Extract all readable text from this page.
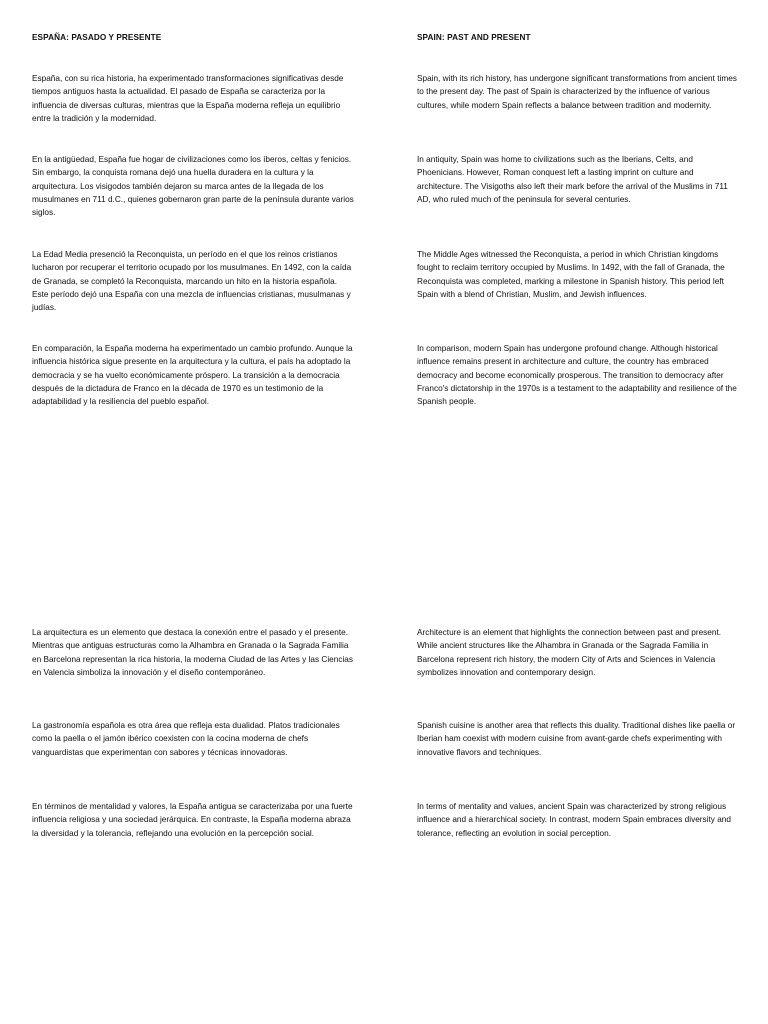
ESPAÑA: PASADO Y PRESENTE

España, con su rica historia, ha experimentado transformaciones significativas desde tiempos antiguos hasta la actualidad. El pasado de España se caracteriza por la influencia de diversas culturas, mientras que la España moderna refleja un equilibrio entre la tradición y la modernidad.

En la antigüedad, España fue hogar de civilizaciones como los íberos, celtas y fenicios. Sin embargo, la conquista romana dejó una huella duradera en la cultura y la arquitectura. Los visigodos también dejaron su marca antes de la llegada de los musulmanes en 711 d.C., quienes gobernaron gran parte de la península durante varios siglos.

La Edad Media presenció la Reconquista, un período en el que los reinos cristianos lucharon por recuperar el territorio ocupado por los musulmanes. En 1492, con la caída de Granada, se completó la Reconquista, marcando un hito en la historia española. Este período dejó una España con una mezcla de influencias cristianas, musulmanas y judías.

En comparación, la España moderna ha experimentado un cambio profundo. Aunque la influencia histórica sigue presente en la arquitectura y la cultura, el país ha adoptado la democracia y se ha vuelto económicamente próspero. La transición a la democracia después de la dictadura de Franco en la década de 1970 es un testimonio de la adaptabilidad y la resiliencia del pueblo español.

La arquitectura es un elemento que destaca la conexión entre el pasado y el presente. Mientras que antiguas estructuras como la Alhambra en Granada o la Sagrada Familia en Barcelona representan la rica historia, la moderna Ciudad de las Artes y las Ciencias en Valencia simboliza la innovación y el diseño contemporáneo.

La gastronomía española es otra área que refleja esta dualidad. Platos tradicionales como la paella o el jamón ibérico coexisten con la cocina moderna de chefs vanguardistas que experimentan con sabores y técnicas innovadoras.

En términos de mentalidad y valores, la España antigua se caracterizaba por una fuerte influencia religiosa y una sociedad jerárquica. En contraste, la España moderna abraza la diversidad y la tolerancia, reflejando una evolución en la percepción social.

SPAIN: PAST AND PRESENT

Spain, with its rich history, has undergone significant transformations from ancient times to the present day. The past of Spain is characterized by the influence of various cultures, while modern Spain reflects a balance between tradition and modernity.

In antiquity, Spain was home to civilizations such as the Iberians, Celts, and Phoenicians. However, Roman conquest left a lasting imprint on culture and architecture. The Visigoths also left their mark before the arrival of the Muslims in 711 AD, who ruled much of the peninsula for several centuries.

The Middle Ages witnessed the Reconquista, a period in which Christian kingdoms fought to reclaim territory occupied by Muslims. In 1492, with the fall of Granada, the Reconquista was completed, marking a milestone in Spanish history. This period left Spain with a blend of Christian, Muslim, and Jewish influences.

In comparison, modern Spain has undergone profound change. Although historical influence remains present in architecture and culture, the country has embraced democracy and become economically prosperous. The transition to democracy after Franco's dictatorship in the 1970s is a testament to the adaptability and resilience of the Spanish people.

Architecture is an element that highlights the connection between past and present. While ancient structures like the Alhambra in Granada or the Sagrada Familia in Barcelona represent rich history, the modern City of Arts and Sciences in Valencia symbolizes innovation and contemporary design.

Spanish cuisine is another area that reflects this duality. Traditional dishes like paella or Iberian ham coexist with modern cuisine from avant-garde chefs experimenting with innovative flavors and techniques.

In terms of mentality and values, ancient Spain was characterized by strong religious influence and a hierarchical society. In contrast, modern Spain embraces diversity and tolerance, reflecting an evolution in social perception.
